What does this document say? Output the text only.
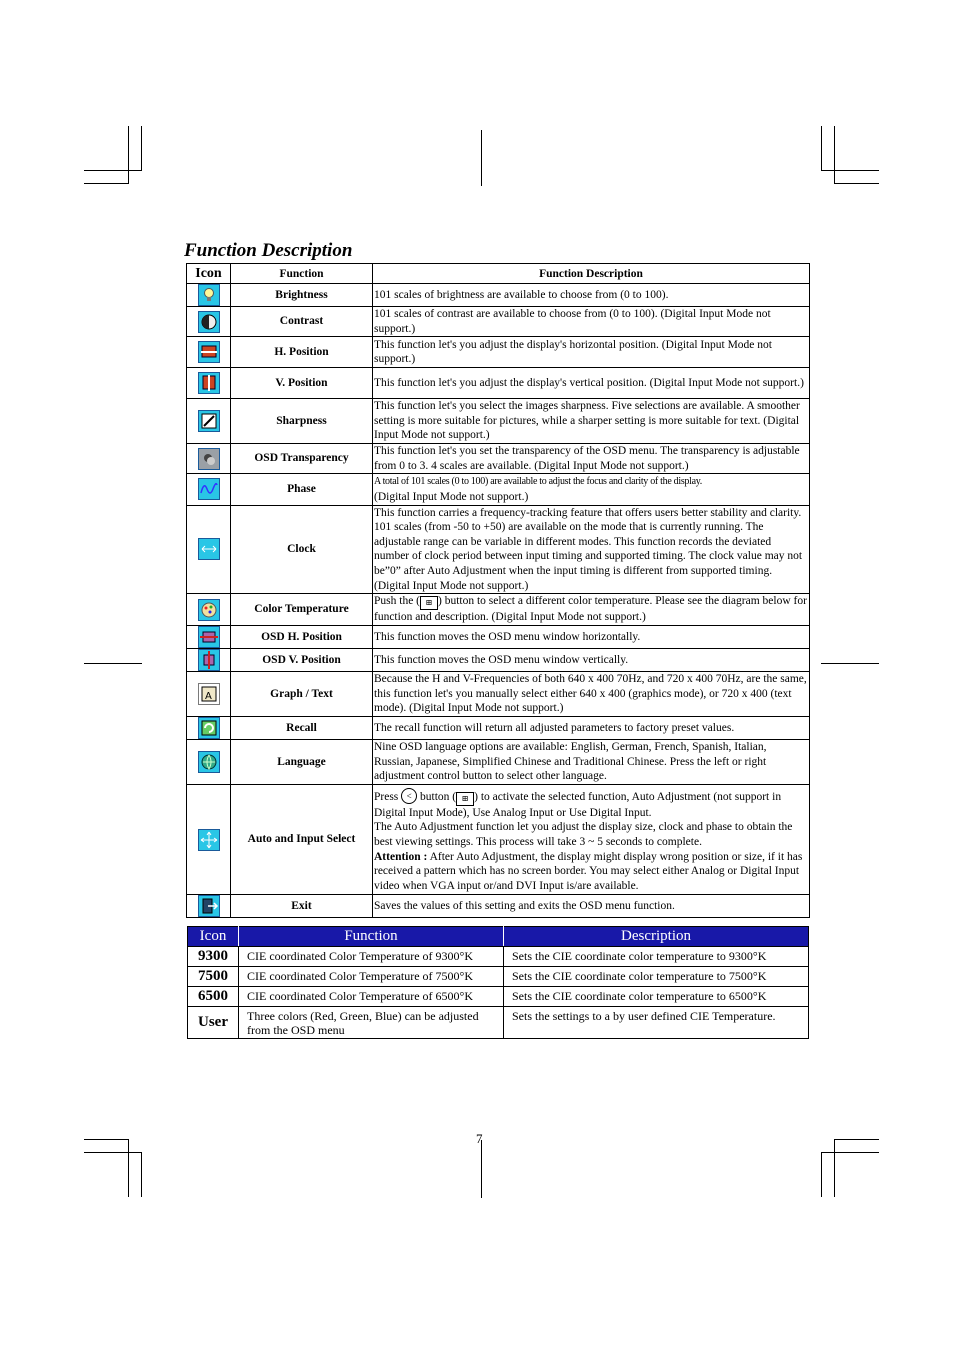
Function Description
Icon	Function	Function Description

	Brightness	101 scales of brightness are available to choose from (0 to 100).

	Contrast	101 scales of contrast are available to choose from (0 to 100). (Digital Input Mode not support.)

	H. Position	This function let's you adjust the display's horizontal position. (Digital Input Mode not support.)

	V. Position	This function let's you adjust the display's vertical position. (Digital Input Mode not support.)

	Sharpness	This function let's you select the images sharpness. Five selections are available. A smoother setting is more suitable for pictures, while a sharper setting is more suitable for text. (Digital Input Mode not support.)

	OSD Transparency	This function let's you set the transparency of the OSD menu. The transparency is adjustable from 0 to 3. 4 scales are available. (Digital Input Mode not support.)

	Phase	A total of 101 scales (0 to 100) are available to adjust the focus and clarity of the display.
(Digital Input Mode not support.)

	Clock	This function carries a frequency-tracking feature that offers users better stability and clarity. 101 scales (from -50 to +50) are available on the mode that is currently running. The adjustable range can be variable in different modes. This function records the deviated number of clock period between input timing and supported timing. The clock value may not be”0” after Auto Adjustment when the input timing is different from supported timing. (Digital Input Mode not support.)

	Color Temperature	Push the ( ⊞ ) button to select a different color temperature. Please see the diagram below for function and description. (Digital Input Mode not support.)

	OSD H. Position	This function moves the OSD menu window horizontally.

	OSD V. Position	This function moves the OSD menu window vertically.

A	Graph / Text	Because the H and V-Frequencies of both 640 x 400 70Hz, and 720 x 400 70Hz, are the same, this function let's you manually select either 640 x 400 (graphics mode), or 720 x 400 (text mode). (Digital Input Mode not support.)

	Recall	The recall function will return all adjusted parameters to factory preset values.

	Language	Nine OSD language options are available: English, German, French, Spanish, Italian, Russian, Japanese, Simplified Chinese and Traditional Chinese. Press the left or right adjustment control button to select other language.

	Auto and Input Select	Press < button ( ⊞ ) to activate the selected function, Auto Adjustment (not support in Digital Input Mode), Use Analog Input or Use Digital Input.
The Auto Adjustment function let you adjust the display size, clock and phase to obtain the best viewing settings. This process will take 3 ~ 5 seconds to complete.
Attention : After Auto Adjustment, the display might display wrong position or size, if it has received a pattern which has no screen border. You may select either Analog or Digital Input video when VGA input or/and DVI Input is/are available.

	Exit	Saves the values of this setting and exits the OSD menu function.
Icon	Function	Description
9300	CIE coordinated Color Temperature of 9300°K	Sets the CIE coordinate color temperature to 9300°K
7500	CIE coordinated Color Temperature of 7500°K	Sets the CIE coordinate color temperature to 7500°K
6500	CIE coordinated Color Temperature of 6500°K	Sets the CIE coordinate color temperature to 6500°K
User	Three colors (Red, Green, Blue) can be adjusted from the OSD menu	Sets the settings to a by user defined CIE Temperature.
7
